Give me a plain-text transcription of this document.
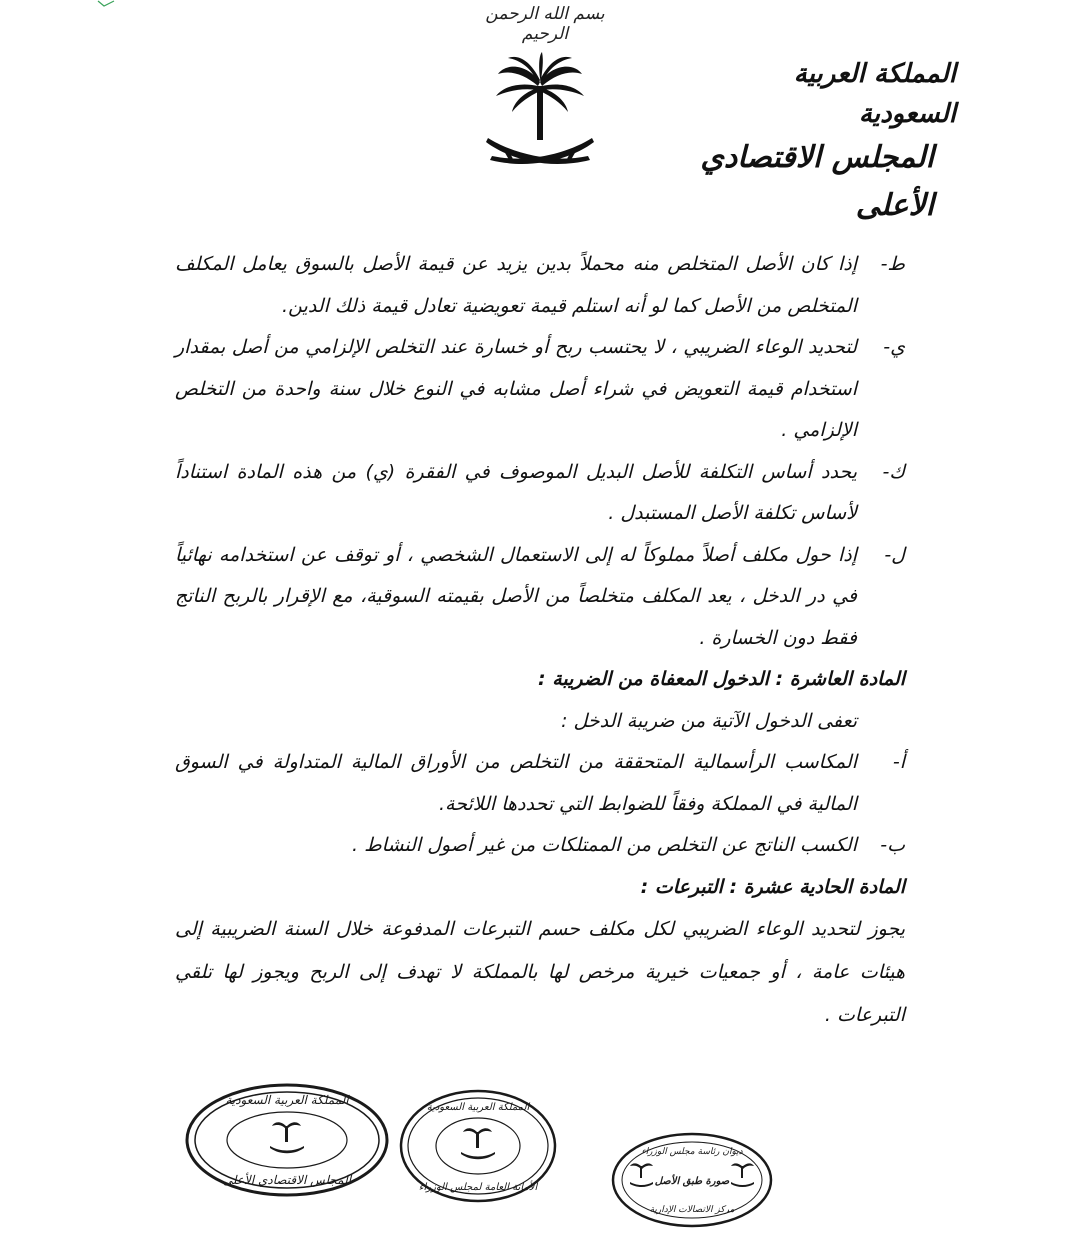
بسم الله الرحمن الرحيم
المملكة العربية السعودية
المجلس الاقتصادي الأعلى
ط-
إذا كان الأصل المتخلص منه محملاً بدين يزيد عن قيمة الأصل بالسوق يعامل المكلف المتخلص من الأصل كما لو أنه استلم قيمة تعويضية تعادل قيمة ذلك الدين.
ي-
لتحديد الوعاء الضريبي ، لا يحتسب ربح أو خسارة عند التخلص الإلزامي من أصل بمقدار استخدام قيمة التعويض في شراء أصل مشابه في النوع خلال سنة واحدة من التخلص الإلزامي .
ك-
يحدد أساس التكلفة للأصل البديل الموصوف في الفقرة (ي) من هذه المادة استناداً لأساس تكلفة الأصل المستبدل .
ل-
إذا حول مكلف أصلاً مملوكاً له إلى الاستعمال الشخصي ، أو توقف عن استخدامه نهائياً في در الدخل ، يعد المكلف متخلصاً من الأصل بقيمته السوقية، مع الإقرار بالربح الناتج فقط دون الخسارة .
المادة العاشرة : الدخول المعفاة من الضريبة :
تعفى الدخول الآتية من ضريبة الدخل :
أ-
المكاسب الرأسمالية المتحققة من التخلص من الأوراق المالية المتداولة في السوق المالية في المملكة وفقاً للضوابط التي تحددها اللائحة.
ب-
الكسب الناتج عن التخلص من الممتلكات من غير أصول النشاط .
المادة الحادية عشرة : التبرعات :
يجوز لتحديد الوعاء الضريبي لكل مكلف حسم التبرعات المدفوعة خلال السنة الضريبية إلى هيئات عامة ، أو جمعيات خيرية مرخص لها بالمملكة لا تهدف إلى الربح ويجوز لها تلقي التبرعات .
المملكة العربية السعودية
المجلس الاقتصادي الأعلى
المملكة العربية السعودية
الأمانة العامة لمجلس الوزراء
ديوان رئاسة مجلس الوزراء
صورة طبق الأصل
مركز الاتصالات الإدارية
